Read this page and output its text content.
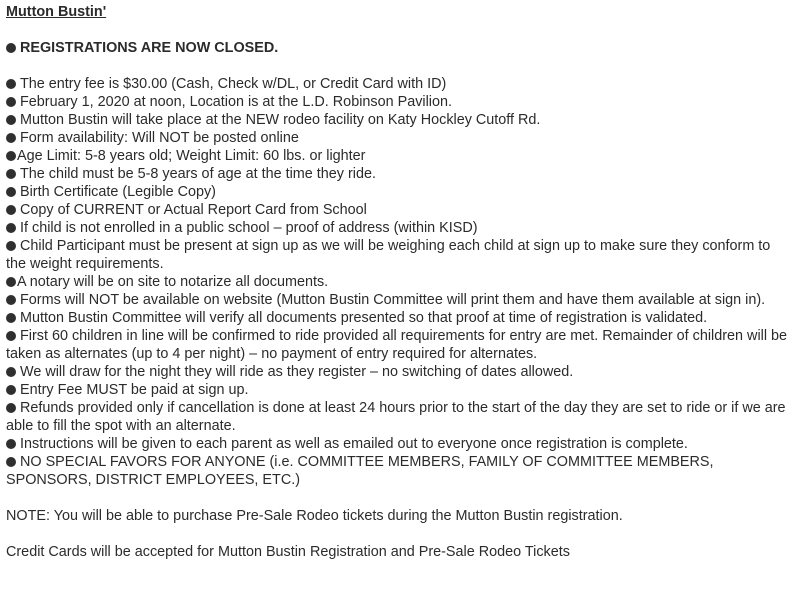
Mutton Bustin'
REGISTRATIONS ARE NOW CLOSED.
The entry fee is $30.00 (Cash, Check w/DL, or Credit Card with ID)
February 1, 2020 at noon, Location is at the L.D. Robinson Pavilion.
Mutton Bustin will take place at the NEW rodeo facility on Katy Hockley Cutoff Rd.
Form availability: Will NOT be posted online
Age Limit: 5-8 years old; Weight Limit: 60 lbs. or lighter
The child must be 5-8 years of age at the time they ride.
Birth Certificate (Legible Copy)
Copy of CURRENT or Actual Report Card from School
If child is not enrolled in a public school – proof of address (within KISD)
Child Participant must be present at sign up as we will be weighing each child at sign up to make sure they conform to the weight requirements.
A notary will be on site to notarize all documents.
Forms will NOT be available on website (Mutton Bustin Committee will print them and have them available at sign in).
Mutton Bustin Committee will verify all documents presented so that proof at time of registration is validated.
First 60 children in line will be confirmed to ride provided all requirements for entry are met. Remainder of children will be taken as alternates (up to 4 per night) – no payment of entry required for alternates.
We will draw for the night they will ride as they register – no switching of dates allowed.
Entry Fee MUST be paid at sign up.
Refunds provided only if cancellation is done at least 24 hours prior to the start of the day they are set to ride or if we are able to fill the spot with an alternate.
Instructions will be given to each parent as well as emailed out to everyone once registration is complete.
NO SPECIAL FAVORS FOR ANYONE (i.e. COMMITTEE MEMBERS, FAMILY OF COMMITTEE MEMBERS, SPONSORS, DISTRICT EMPLOYEES, ETC.)

NOTE: You will be able to purchase Pre-Sale Rodeo tickets during the Mutton Bustin registration.

Credit Cards will be accepted for Mutton Bustin Registration and Pre-Sale Rodeo Tickets
